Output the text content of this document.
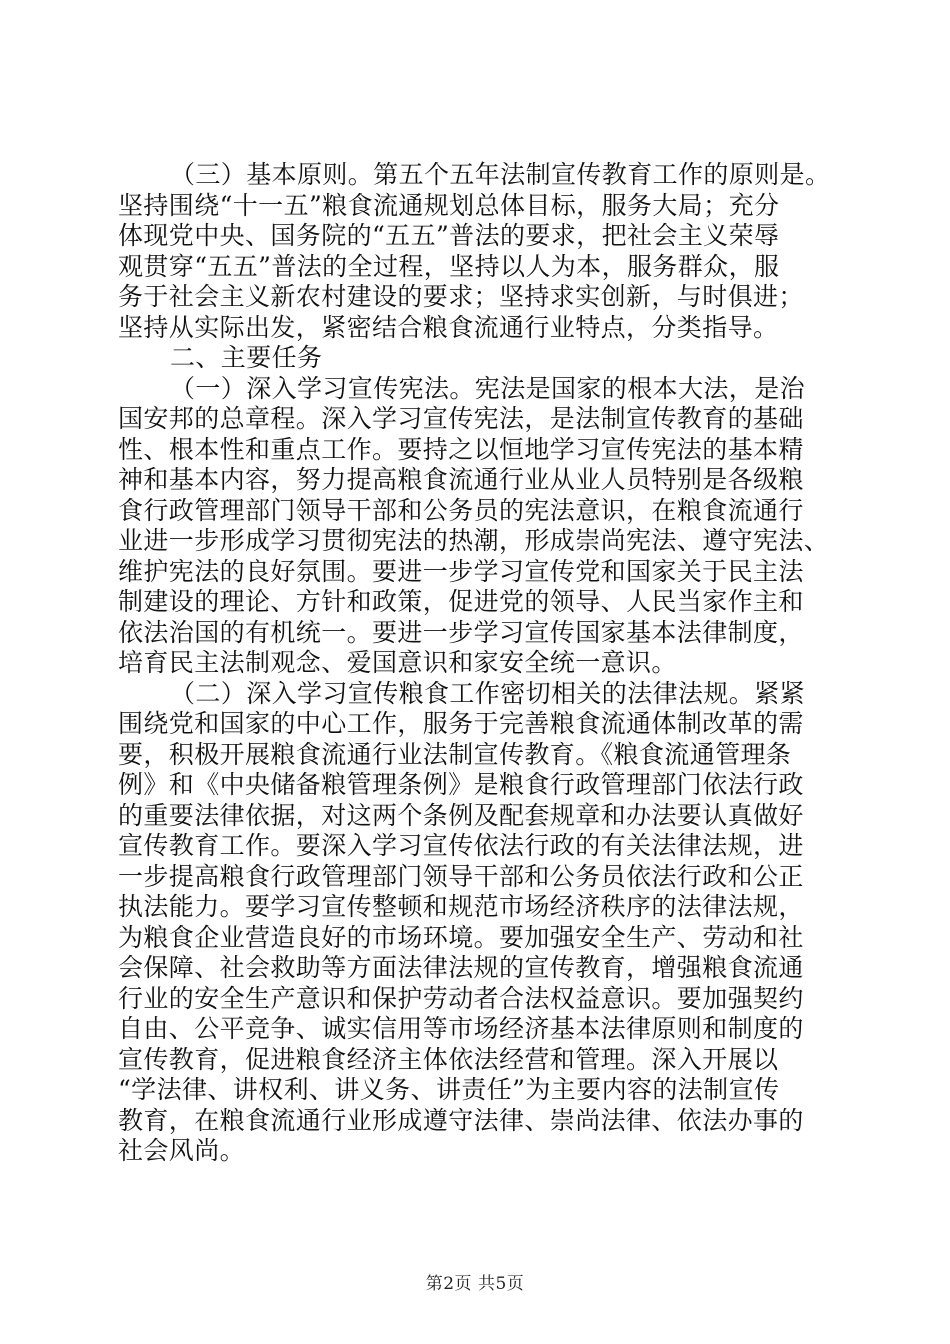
（三）基本原则。第五个五年法制宣传教育工作的原则是。
坚持围绕“十一五”粮食流通规划总体目标，服务大局；充分
体现党中央、国务院的“五五”普法的要求，把社会主义荣辱
观贯穿“五五”普法的全过程，坚持以人为本，服务群众，服
务于社会主义新农村建设的要求；坚持求实创新，与时俱进；
坚持从实际出发，紧密结合粮食流通行业特点，分类指导。
二、主要任务
（一）深入学习宣传宪法。宪法是国家的根本大法，是治
国安邦的总章程。深入学习宣传宪法，是法制宣传教育的基础
性、根本性和重点工作。要持之以恒地学习宣传宪法的基本精
神和基本内容，努力提高粮食流通行业从业人员特别是各级粮
食行政管理部门领导干部和公务员的宪法意识，在粮食流通行
业进一步形成学习贯彻宪法的热潮，形成崇尚宪法、遵守宪法、
维护宪法的良好氛围。要进一步学习宣传党和国家关于民主法
制建设的理论、方针和政策，促进党的领导、人民当家作主和
依法治国的有机统一。要进一步学习宣传国家基本法律制度，
培育民主法制观念、爱国意识和家安全统一意识。
（二）深入学习宣传粮食工作密切相关的法律法规。紧紧
围绕党和国家的中心工作，服务于完善粮食流通体制改革的需
要，积极开展粮食流通行业法制宣传教育。《粮食流通管理条
例》和《中央储备粮管理条例》是粮食行政管理部门依法行政
的重要法律依据，对这两个条例及配套规章和办法要认真做好
宣传教育工作。要深入学习宣传依法行政的有关法律法规，进
一步提高粮食行政管理部门领导干部和公务员依法行政和公正
执法能力。要学习宣传整顿和规范市场经济秩序的法律法规，
为粮食企业营造良好的市场环境。要加强安全生产、劳动和社
会保障、社会救助等方面法律法规的宣传教育，增强粮食流通
行业的安全生产意识和保护劳动者合法权益意识。要加强契约
自由、公平竞争、诚实信用等市场经济基本法律原则和制度的
宣传教育，促进粮食经济主体依法经营和管理。深入开展以
“学法律、讲权利、讲义务、讲责任”为主要内容的法制宣传
教育，在粮食流通行业形成遵守法律、崇尚法律、依法办事的
社会风尚。
第2页 共5页
